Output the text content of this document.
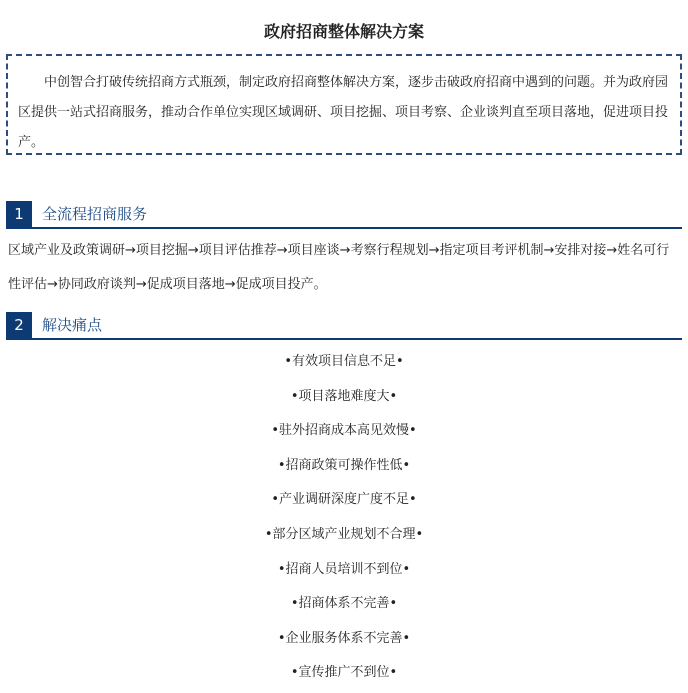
政府招商整体解决方案

中创智合打破传统招商方式瓶颈，制定政府招商整体解决方案，逐步击破政府招商中遇到的问题。并为政府园区提供一站式招商服务，推动合作单位实现区域调研、项目挖掘、项目考察、企业谈判直至项目落地，促进项目投产。

1	全流程招商服务

区域产业及政策调研→项目挖掘→项目评估推荐→项目座谈→考察行程规划→指定项目考评机制→安排对接→姓名可行性评估→协同政府谈判→促成项目落地→促成项目投产。

2	解决痛点
•有效项目信息不足•
•项目落地难度大•
•驻外招商成本高见效慢•
•招商政策可操作性低•
•产业调研深度广度不足•
•部分区域产业规划不合理•
•招商人员培训不到位•
•招商体系不完善•
•企业服务体系不完善•
•宣传推广不到位•
